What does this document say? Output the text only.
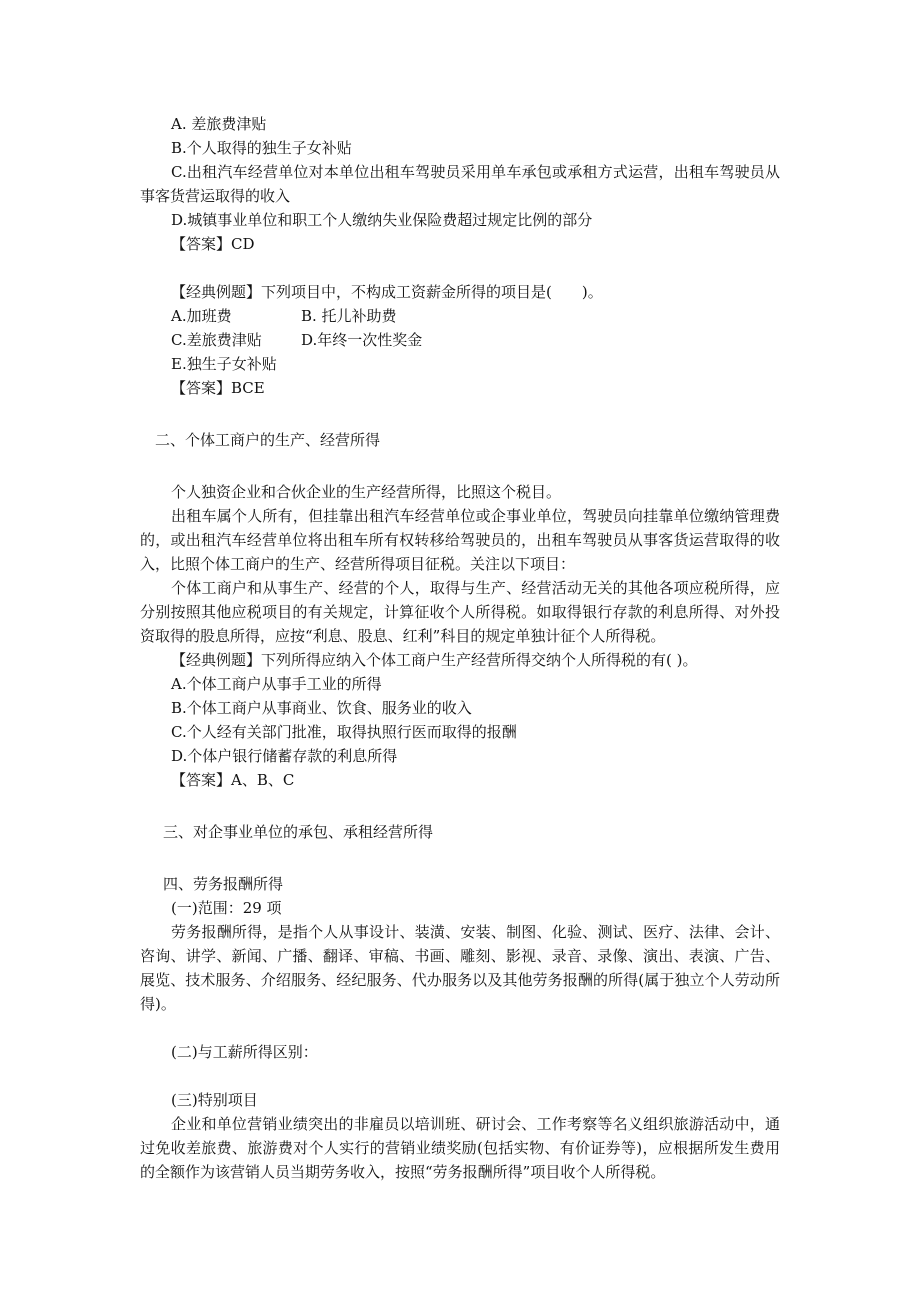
A. 差旅费津贴
B.个人取得的独生子女补贴

C.出租汽车经营单位对本单位出租车驾驶员采用单车承包或承租方式运营，出租车驾驶员从事客货营运取得的收入

D.城镇事业单位和职工个人缴纳失业保险费超过规定比例的部分
【答案】CD
【经典例题】下列项目中，不构成工资薪金所得的项目是(　　)。
A.加班费	B. 托儿补助费
C.差旅费津贴	D.年终一次性奖金
E.独生子女补贴
【答案】BCE
二、个体工商户的生产、经营所得

个人独资企业和合伙企业的生产经营所得，比照这个税目。

出租车属个人所有，但挂靠出租汽车经营单位或企事业单位，驾驶员向挂靠单位缴纳管理费的，或出租汽车经营单位将出租车所有权转移给驾驶员的，出租车驾驶员从事客货运营取得的收入，比照个体工商户的生产、经营所得项目征税。关注以下项目：

个体工商户和从事生产、经营的个人，取得与生产、经营活动无关的其他各项应税所得，应分别按照其他应税项目的有关规定，计算征收个人所得税。如取得银行存款的利息所得、对外投资取得的股息所得，应按“利息、股息、红利”科目的规定单独计征个人所得税。

【经典例题】下列所得应纳入个体工商户生产经营所得交纳个人所得税的有( )。
A.个体工商户从事手工业的所得
B.个体工商户从事商业、饮食、服务业的收入
C.个人经有关部门批准，取得执照行医而取得的报酬
D.个体户银行储蓄存款的利息所得
【答案】A、B、C
三、对企事业单位的承包、承租经营所得
四、劳务报酬所得
(一)范围：29 项

劳务报酬所得，是指个人从事设计、装潢、安装、制图、化验、测试、医疗、法律、会计、咨询、讲学、新闻、广播、翻译、审稿、书画、雕刻、影视、录音、录像、演出、表演、广告、展览、技术服务、介绍服务、经纪服务、代办服务以及其他劳务报酬的所得(属于独立个人劳动所得)。

(二)与工薪所得区别：
(三)特别项目

企业和单位营销业绩突出的非雇员以培训班、研讨会、工作考察等名义组织旅游活动中，通过免收差旅费、旅游费对个人实行的营销业绩奖励(包括实物、有价证券等)，应根据所发生费用的全额作为该营销人员当期劳务收入，按照“劳务报酬所得”项目收个人所得税。
